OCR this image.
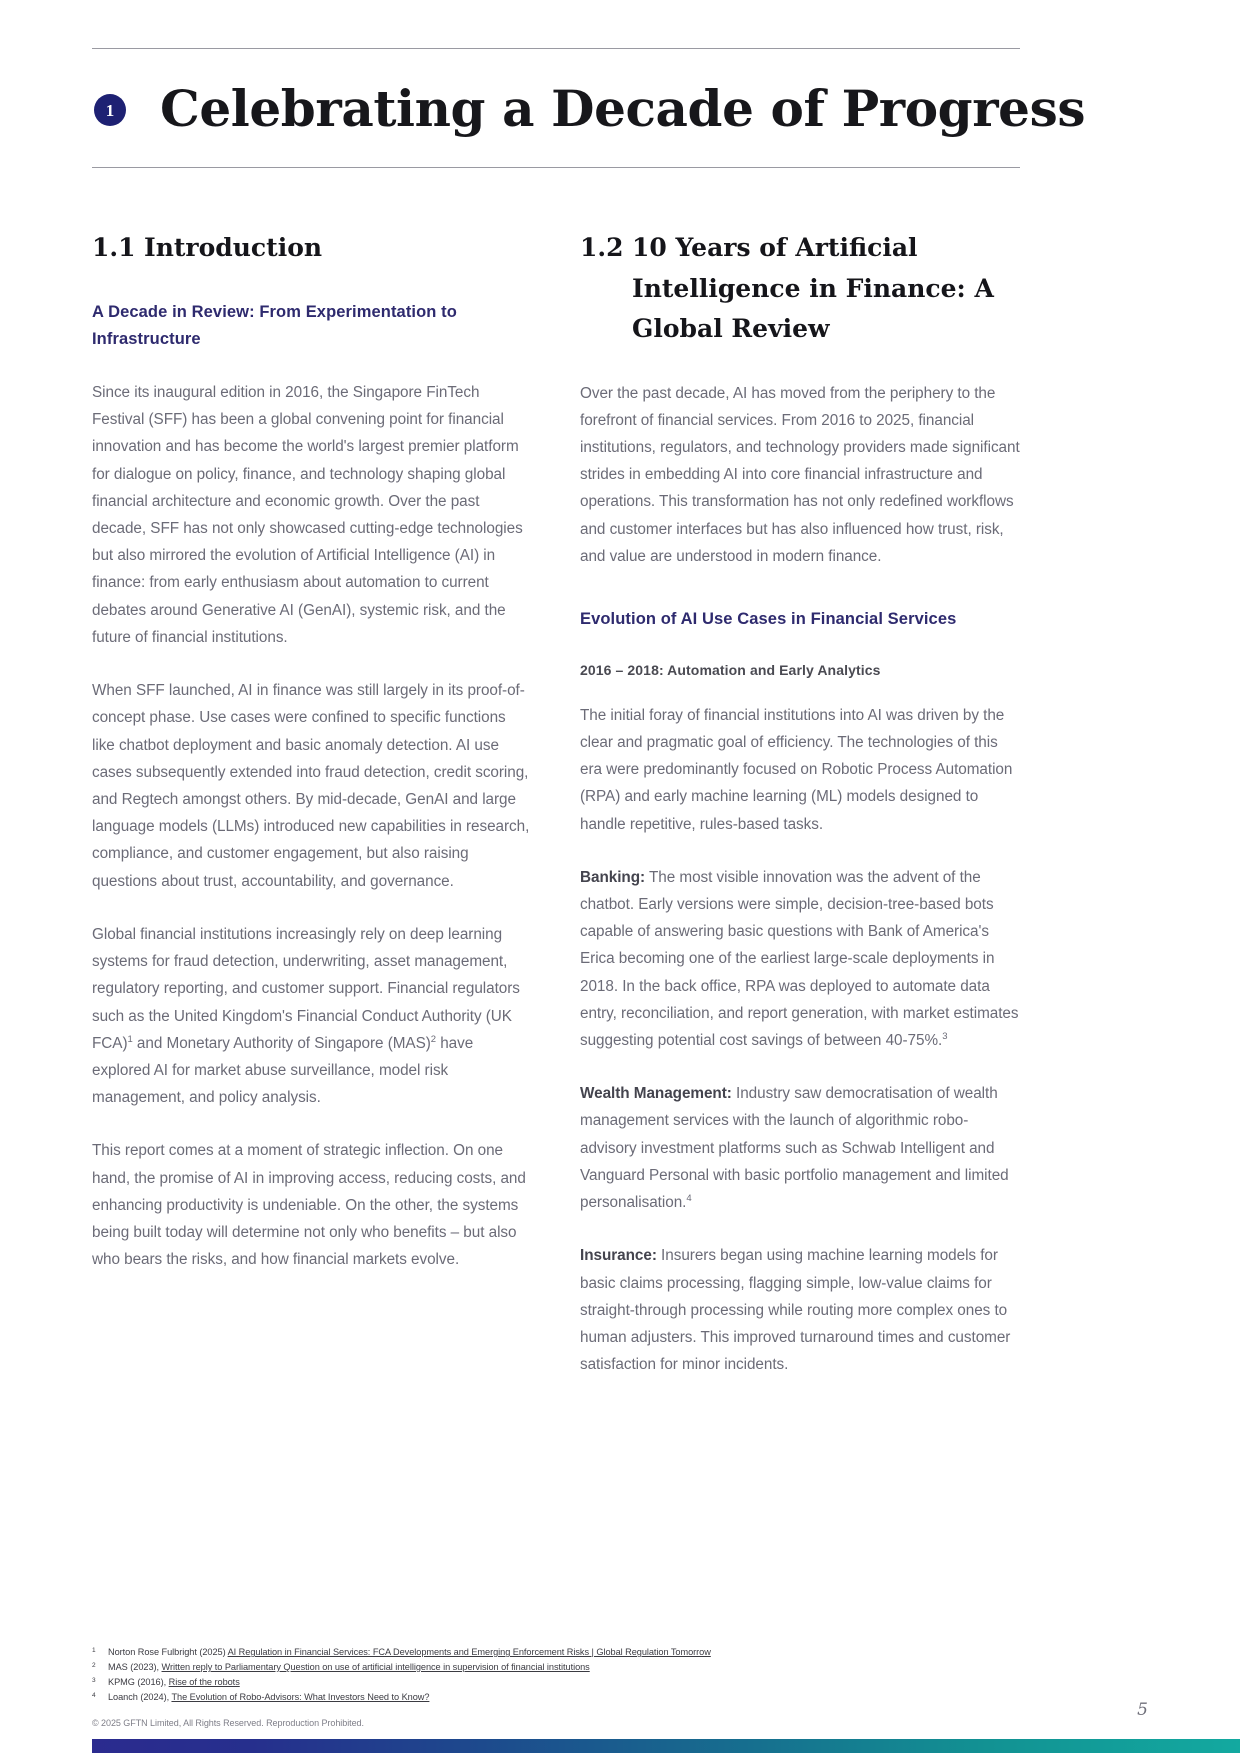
1 Celebrating a Decade of Progress
1.1 Introduction
A Decade in Review: From Experimentation to Infrastructure

Since its inaugural edition in 2016, the Singapore FinTech Festival (SFF) has been a global convening point for financial innovation and has become the world's largest premier platform for dialogue on policy, finance, and technology shaping global financial architecture and economic growth. Over the past decade, SFF has not only showcased cutting-edge technologies but also mirrored the evolution of Artificial Intelligence (AI) in finance: from early enthusiasm about automation to current debates around Generative AI (GenAI), systemic risk, and the future of financial institutions.

When SFF launched, AI in finance was still largely in its proof-of-concept phase. Use cases were confined to specific functions like chatbot deployment and basic anomaly detection. AI use cases subsequently extended into fraud detection, credit scoring, and Regtech amongst others. By mid-decade, GenAI and large language models (LLMs) introduced new capabilities in research, compliance, and customer engagement, but also raising questions about trust, accountability, and governance.

Global financial institutions increasingly rely on deep learning systems for fraud detection, underwriting, asset management, regulatory reporting, and customer support. Financial regulators such as the United Kingdom's Financial Conduct Authority (UK FCA)$^1$ and Monetary Authority of Singapore (MAS)$^2$ have explored AI for market abuse surveillance, model risk management, and policy analysis.

This report comes at a moment of strategic inflection. On one hand, the promise of AI in improving access, reducing costs, and enhancing productivity is undeniable. On the other, the systems being built today will determine not only who benefits – but also who bears the risks, and how financial markets evolve.

1.2 10 Years of Artificial Intelligence in Finance: A Global Review

Over the past decade, AI has moved from the periphery to the forefront of financial services. From 2016 to 2025, financial institutions, regulators, and technology providers made significant strides in embedding AI into core financial infrastructure and operations. This transformation has not only redefined workflows and customer interfaces but has also influenced how trust, risk, and value are understood in modern finance.

Evolution of AI Use Cases in Financial Services
2016 – 2018: Automation and Early Analytics

The initial foray of financial institutions into AI was driven by the clear and pragmatic goal of efficiency. The technologies of this era were predominantly focused on Robotic Process Automation (RPA) and early machine learning (ML) models designed to handle repetitive, rules-based tasks.

Banking: The most visible innovation was the advent of the chatbot. Early versions were simple, decision-tree-based bots capable of answering basic questions with Bank of America's Erica becoming one of the earliest large-scale deployments in 2018. In the back office, RPA was deployed to automate data entry, reconciliation, and report generation, with market estimates suggesting potential cost savings of between 40-75%.$^3$

Wealth Management: Industry saw democratisation of wealth management services with the launch of algorithmic robo-advisory investment platforms such as Schwab Intelligent and Vanguard Personal with basic portfolio management and limited personalisation.$^4$

Insurance: Insurers began using machine learning models for basic claims processing, flagging simple, low-value claims for straight-through processing while routing more complex ones to human adjusters. This improved turnaround times and customer satisfaction for minor incidents.

1	Norton Rose Fulbright (2025) AI Regulation in Financial Services: FCA Developments and Emerging Enforcement Risks | Global Regulation Tomorrow
2	MAS (2023), Written reply to Parliamentary Question on use of artificial intelligence in supervision of financial institutions
3	KPMG (2016), Rise of the robots
4	Loanch (2024), The Evolution of Robo-Advisors: What Investors Need to Know?
© 2025 GFTN Limited, All Rights Reserved. Reproduction Prohibited.
5
